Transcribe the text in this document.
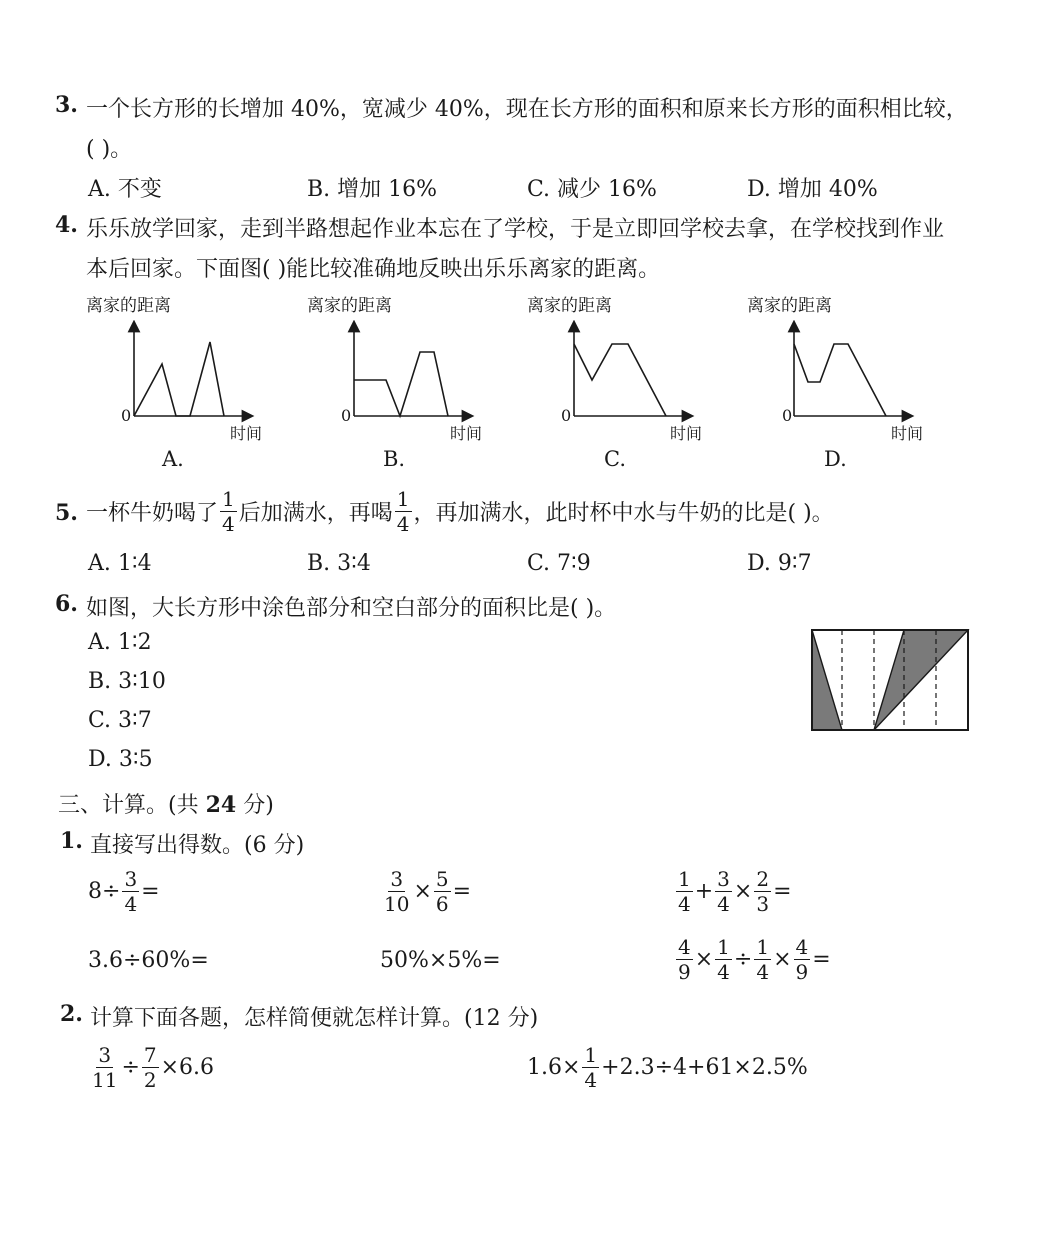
3. 一个长方形的长增加 40%，宽减少 40%，现在长方形的面积和原来长方形的面积相比较，
( )。
A. 不变	B. 增加 16%	C. 减少 16%	D. 增加 40%
4. 乐乐放学回家，走到半路想起作业本忘在了学校，于是立即回学校去拿，在学校找到作业
本后回家。下面图( )能比较准确地反映出乐乐离家的距离。
离家的距离
0
时间
A.
离家的距离
0
时间
B.
离家的距离
0
时间
C.
离家的距离
0
时间
D.
5. 一杯牛奶喝了 $\frac{1}{4}$ 后加满水，再喝 $\frac{1}{4}$ ，再加满水，此时杯中水与牛奶的比是( )。
A. 1∶4	B. 3∶4	C. 7∶9	D. 9∶7
6. 如图，大长方形中涂色部分和空白部分的面积比是( )。
A. 1∶2
B. 3∶10
C. 3∶7
D. 3∶5
三、计算。(共 24 分)
1. 直接写出得数。(6 分)
$8\div \frac{3}{4}$ =	$\frac{3}{10} \times \frac{5}{6}$ =	$\frac{1}{4} + \frac{3}{4} \times \frac{2}{3}$ =
3.6÷60%=	50%×5%=	$\frac{4}{9} \times \frac{1}{4} \div \frac{1}{4} \times \frac{4}{9}$ =
2. 计算下面各题，怎样简便就怎样计算。(12 分)
$\frac{3}{11} \div \frac{7}{2} \times 6.6$	$1.6\times \frac{1}{4} +2.3\div 4+61\times 2.5\%$
